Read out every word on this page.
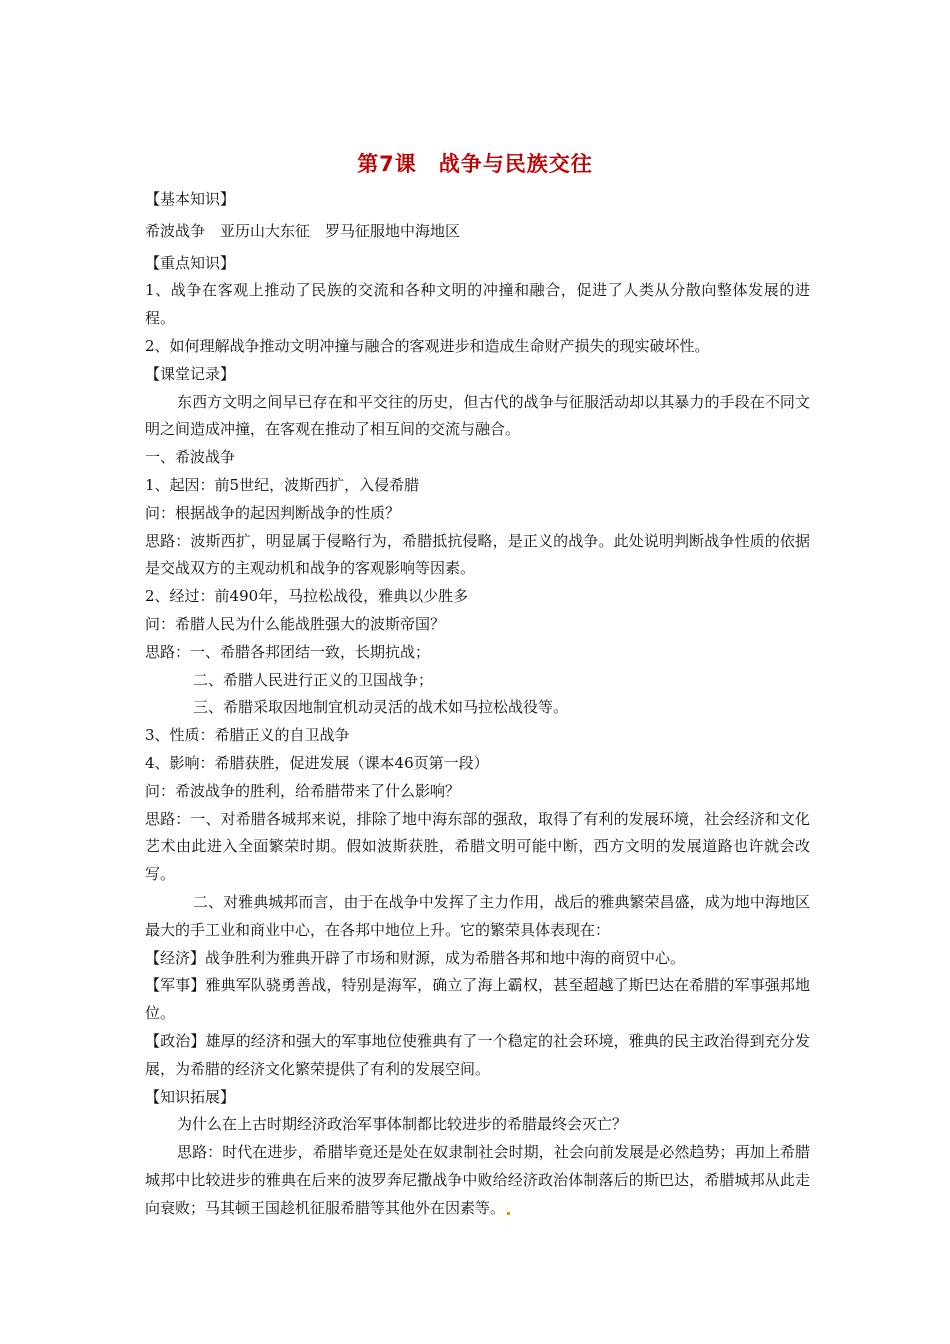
第7课　战争与民族交往

【基本知识】

希波战争　亚历山大东征　罗马征服地中海地区

【重点知识】

1、战争在客观上推动了民族的交流和各种文明的冲撞和融合，促进了人类从分散向整体发展的进程。

2、如何理解战争推动文明冲撞与融合的客观进步和造成生命财产损失的现实破坏性。

【课堂记录】

东西方文明之间早已存在和平交往的历史，但古代的战争与征服活动却以其暴力的手段在不同文明之间造成冲撞，在客观在推动了相互间的交流与融合。

一、希波战争

1、起因：前5世纪，波斯西扩，入侵希腊

问：根据战争的起因判断战争的性质？

思路：波斯西扩，明显属于侵略行为，希腊抵抗侵略，是正义的战争。此处说明判断战争性质的依据是交战双方的主观动机和战争的客观影响等因素。

2、经过：前490年，马拉松战役，雅典以少胜多

问：希腊人民为什么能战胜强大的波斯帝国？

思路：一、希腊各邦团结一致，长期抗战；

二、希腊人民进行正义的卫国战争；

三、希腊采取因地制宜机动灵活的战术如马拉松战役等。

3、性质：希腊正义的自卫战争

4、影响：希腊获胜，促进发展（课本46页第一段）

问：希波战争的胜利，给希腊带来了什么影响？

思路：一、对希腊各城邦来说，排除了地中海东部的强敌，取得了有利的发展环境，社会经济和文化艺术由此进入全面繁荣时期。假如波斯获胜，希腊文明可能中断，西方文明的发展道路也许就会改写。

二、对雅典城邦而言，由于在战争中发挥了主力作用，战后的雅典繁荣昌盛，成为地中海地区最大的手工业和商业中心，在各邦中地位上升。它的繁荣具体表现在：

【经济】战争胜利为雅典开辟了市场和财源，成为希腊各邦和地中海的商贸中心。

【军事】雅典军队骁勇善战，特别是海军，确立了海上霸权，甚至超越了斯巴达在希腊的军事强邦地位。

【政治】雄厚的经济和强大的军事地位使雅典有了一个稳定的社会环境，雅典的民主政治得到充分发展，为希腊的经济文化繁荣提供了有利的发展空间。

【知识拓展】

为什么在上古时期经济政治军事体制都比较进步的希腊最终会灭亡？

思路：时代在进步，希腊毕竟还是处在奴隶制社会时期，社会向前发展是必然趋势；再加上希腊城邦中比较进步的雅典在后来的波罗奔尼撒战争中败给经济政治体制落后的斯巴达，希腊城邦从此走向衰败；马其顿王国趁机征服希腊等其他外在因素等。
